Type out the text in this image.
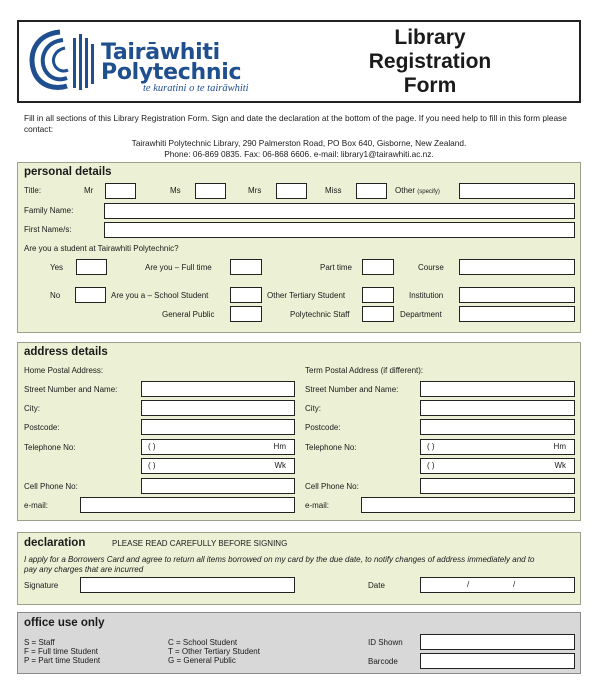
Tairāwhiti
Polytechnic
te kuratini o te tairāwhiti
Library
Registration
Form
Fill in all sections of this Library Registration Form. Sign and date the declaration at the bottom of the page. If you need help to fill in this form please contact:
Tairawhiti Polytechnic Library, 290 Palmerston Road, PO Box 640, Gisborne, New Zealand.
Phone: 06-869 0835. Fax: 06-868 6606. e-mail: library1@tairawhiti.ac.nz.
personal details
Title:	Mr	Ms	Mrs	Miss	Other (specify)
Family Name:
First Name/s:
Are you a student at Tairawhiti Polytechnic?
Yes	Are you – Full time	Part time	Course
No	Are you a – School Student	Other Tertiary Student	Institution
General Public	Polytechnic Staff	Department
address details
Home Postal Address:	Term Postal Address (if different):
Street Number and Name:	Street Number and Name:
City:	City:
Postcode:	Postcode:
Telephone No:	( )	Hm
( )	Wk
Telephone No:	( )	Hm
( )	Wk
Cell Phone No:	Cell Phone No:
e-mail:	e-mail:
declaration	PLEASE READ CAREFULLY BEFORE SIGNING
I apply for a Borrowers Card and agree to return all items borrowed on my card by the due date, to notify changes of address immediately and to pay any charges that are incurred
Signature	Date	/	/
office use only
S = Staff
F = Full time Student
P = Part time Student
C = School Student
T = Other Tertiary Student
G = General Public
ID Shown
Barcode
